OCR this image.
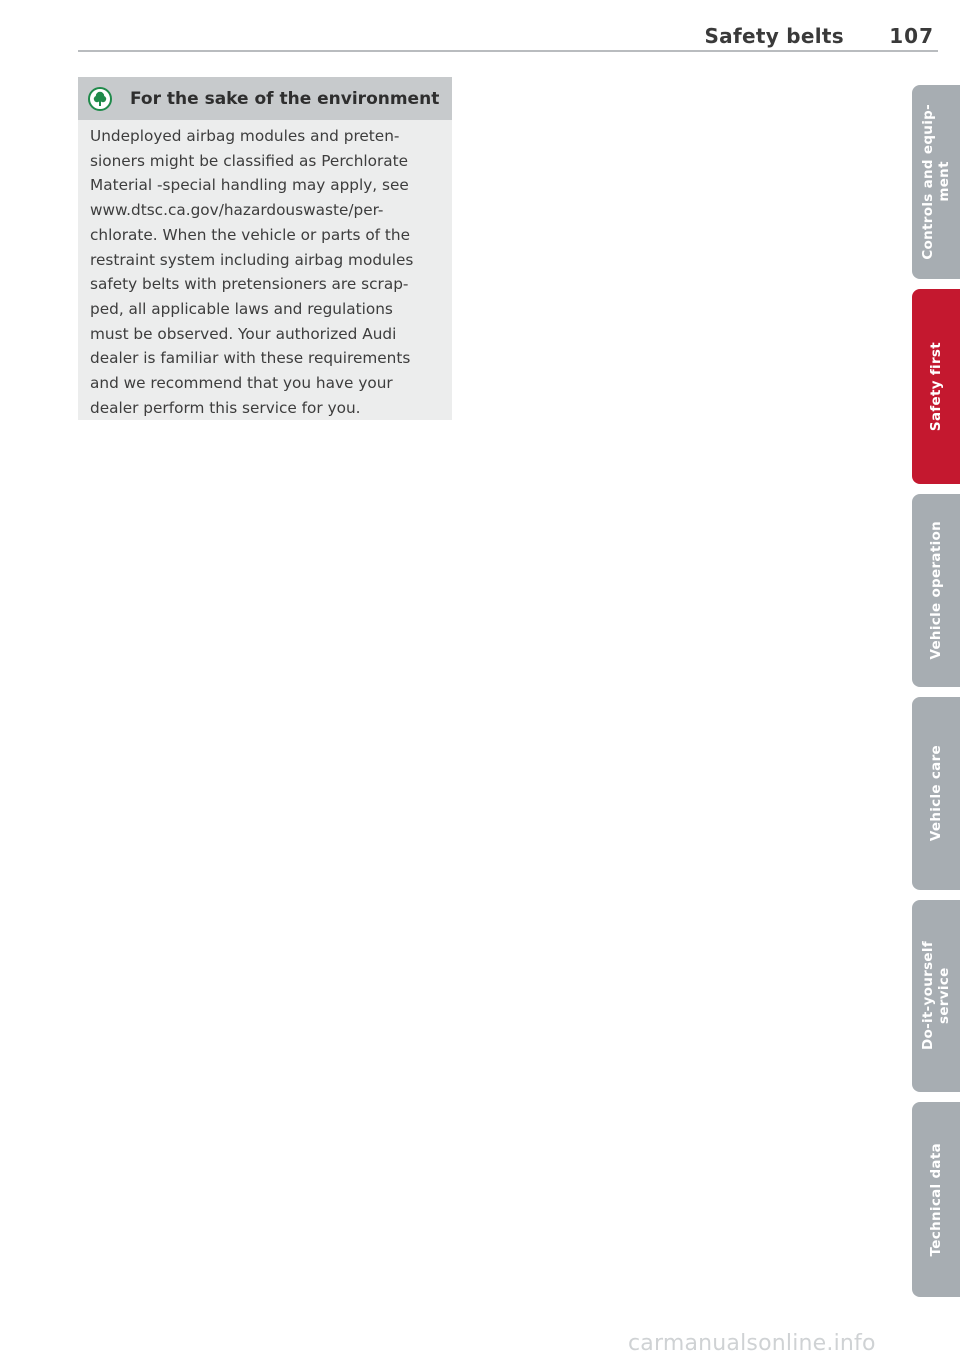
Safety belts 107
For the sake of the environment
Undeployed airbag modules and preten-
sioners might be classified as Perchlorate
Material -special handling may apply, see
www.dtsc.ca.gov/hazardouswaste/per-
chlorate. When the vehicle or parts of the
restraint system including airbag modules
safety belts with pretensioners are scrap-
ped, all applicable laws and regulations
must be observed. Your authorized Audi
dealer is familiar with these requirements
and we recommend that you have your
dealer perform this service for you.
Controls and equip-
ment
Safety first
Vehicle operation
Vehicle care
Do-it-yourself
service
Technical data
carmanualsonline.info
